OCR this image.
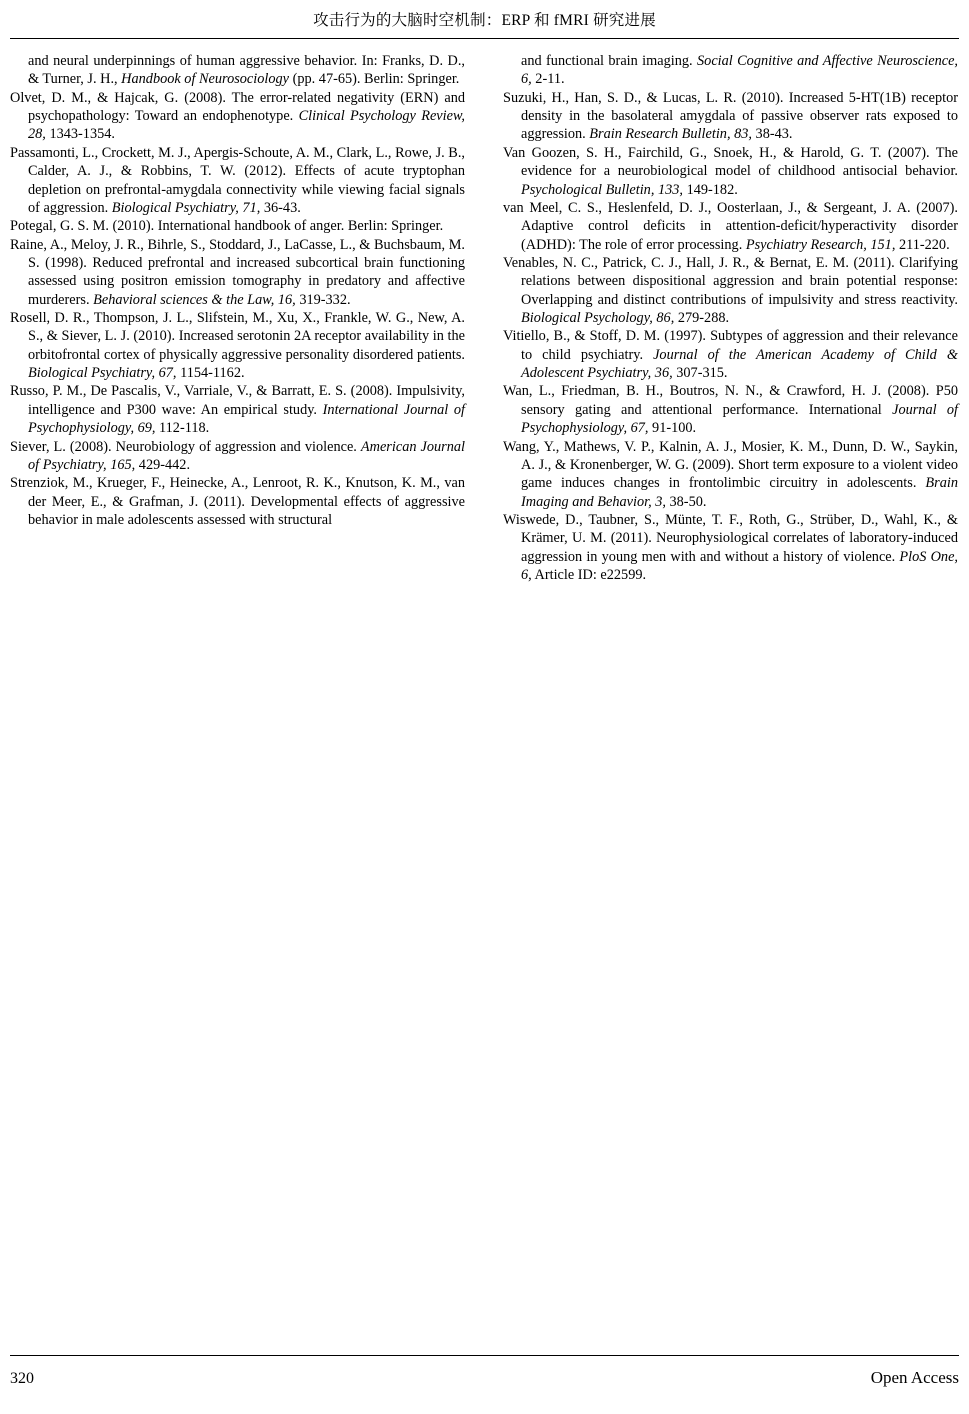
攻击行为的大脑时空机制：ERP 和 fMRI 研究进展

and neural underpinnings of human aggressive behavior. In: Franks, D. D., & Turner, J. H., Handbook of Neurosociology (pp. 47-65). Berlin: Springer.

Olvet, D. M., & Hajcak, G. (2008). The error-related negativity (ERN) and psychopathology: Toward an endophenotype. Clinical Psychology Review, 28, 1343-1354.

Passamonti, L., Crockett, M. J., Apergis-Schoute, A. M., Clark, L., Rowe, J. B., Calder, A. J., & Robbins, T. W. (2012). Effects of acute tryptophan depletion on prefrontal-amygdala connectivity while viewing facial signals of aggression. Biological Psychiatry, 71, 36-43.

Potegal, G. S. M. (2010). International handbook of anger. Berlin: Springer.

Raine, A., Meloy, J. R., Bihrle, S., Stoddard, J., LaCasse, L., & Buchsbaum, M. S. (1998). Reduced prefrontal and increased subcortical brain functioning assessed using positron emission tomography in predatory and affective murderers. Behavioral sciences & the Law, 16, 319-332.

Rosell, D. R., Thompson, J. L., Slifstein, M., Xu, X., Frankle, W. G., New, A. S., & Siever, L. J. (2010). Increased serotonin 2A receptor availability in the orbitofrontal cortex of physically aggressive personality disordered patients. Biological Psychiatry, 67, 1154-1162.

Russo, P. M., De Pascalis, V., Varriale, V., & Barratt, E. S. (2008). Impulsivity, intelligence and P300 wave: An empirical study. International Journal of Psychophysiology, 69, 112-118.

Siever, L. (2008). Neurobiology of aggression and violence. American Journal of Psychiatry, 165, 429-442.

Strenziok, M., Krueger, F., Heinecke, A., Lenroot, R. K., Knutson, K. M., van der Meer, E., & Grafman, J. (2011). Developmental effects of aggressive behavior in male adolescents assessed with structural

and functional brain imaging. Social Cognitive and Affective Neuroscience, 6, 2-11.

Suzuki, H., Han, S. D., & Lucas, L. R. (2010). Increased 5-HT(1B) receptor density in the basolateral amygdala of passive observer rats exposed to aggression. Brain Research Bulletin, 83, 38-43.

Van Goozen, S. H., Fairchild, G., Snoek, H., & Harold, G. T. (2007). The evidence for a neurobiological model of childhood antisocial behavior. Psychological Bulletin, 133, 149-182.

van Meel, C. S., Heslenfeld, D. J., Oosterlaan, J., & Sergeant, J. A. (2007). Adaptive control deficits in attention-deficit/hyperactivity disorder (ADHD): The role of error processing. Psychiatry Research, 151, 211-220.

Venables, N. C., Patrick, C. J., Hall, J. R., & Bernat, E. M. (2011). Clarifying relations between dispositional aggression and brain potential response: Overlapping and distinct contributions of impulsivity and stress reactivity. Biological Psychology, 86, 279-288.

Vitiello, B., & Stoff, D. M. (1997). Subtypes of aggression and their relevance to child psychiatry. Journal of the American Academy of Child & Adolescent Psychiatry, 36, 307-315.

Wan, L., Friedman, B. H., Boutros, N. N., & Crawford, H. J. (2008). P50 sensory gating and attentional performance. International Journal of Psychophysiology, 67, 91-100.

Wang, Y., Mathews, V. P., Kalnin, A. J., Mosier, K. M., Dunn, D. W., Saykin, A. J., & Kronenberger, W. G. (2009). Short term exposure to a violent video game induces changes in frontolimbic circuitry in adolescents. Brain Imaging and Behavior, 3, 38-50.

Wiswede, D., Taubner, S., Münte, T. F., Roth, G., Strüber, D., Wahl, K., & Krämer, U. M. (2011). Neurophysiological correlates of laboratory-induced aggression in young men with and without a history of violence. PloS One, 6, Article ID: e22599.

320	Open Access
